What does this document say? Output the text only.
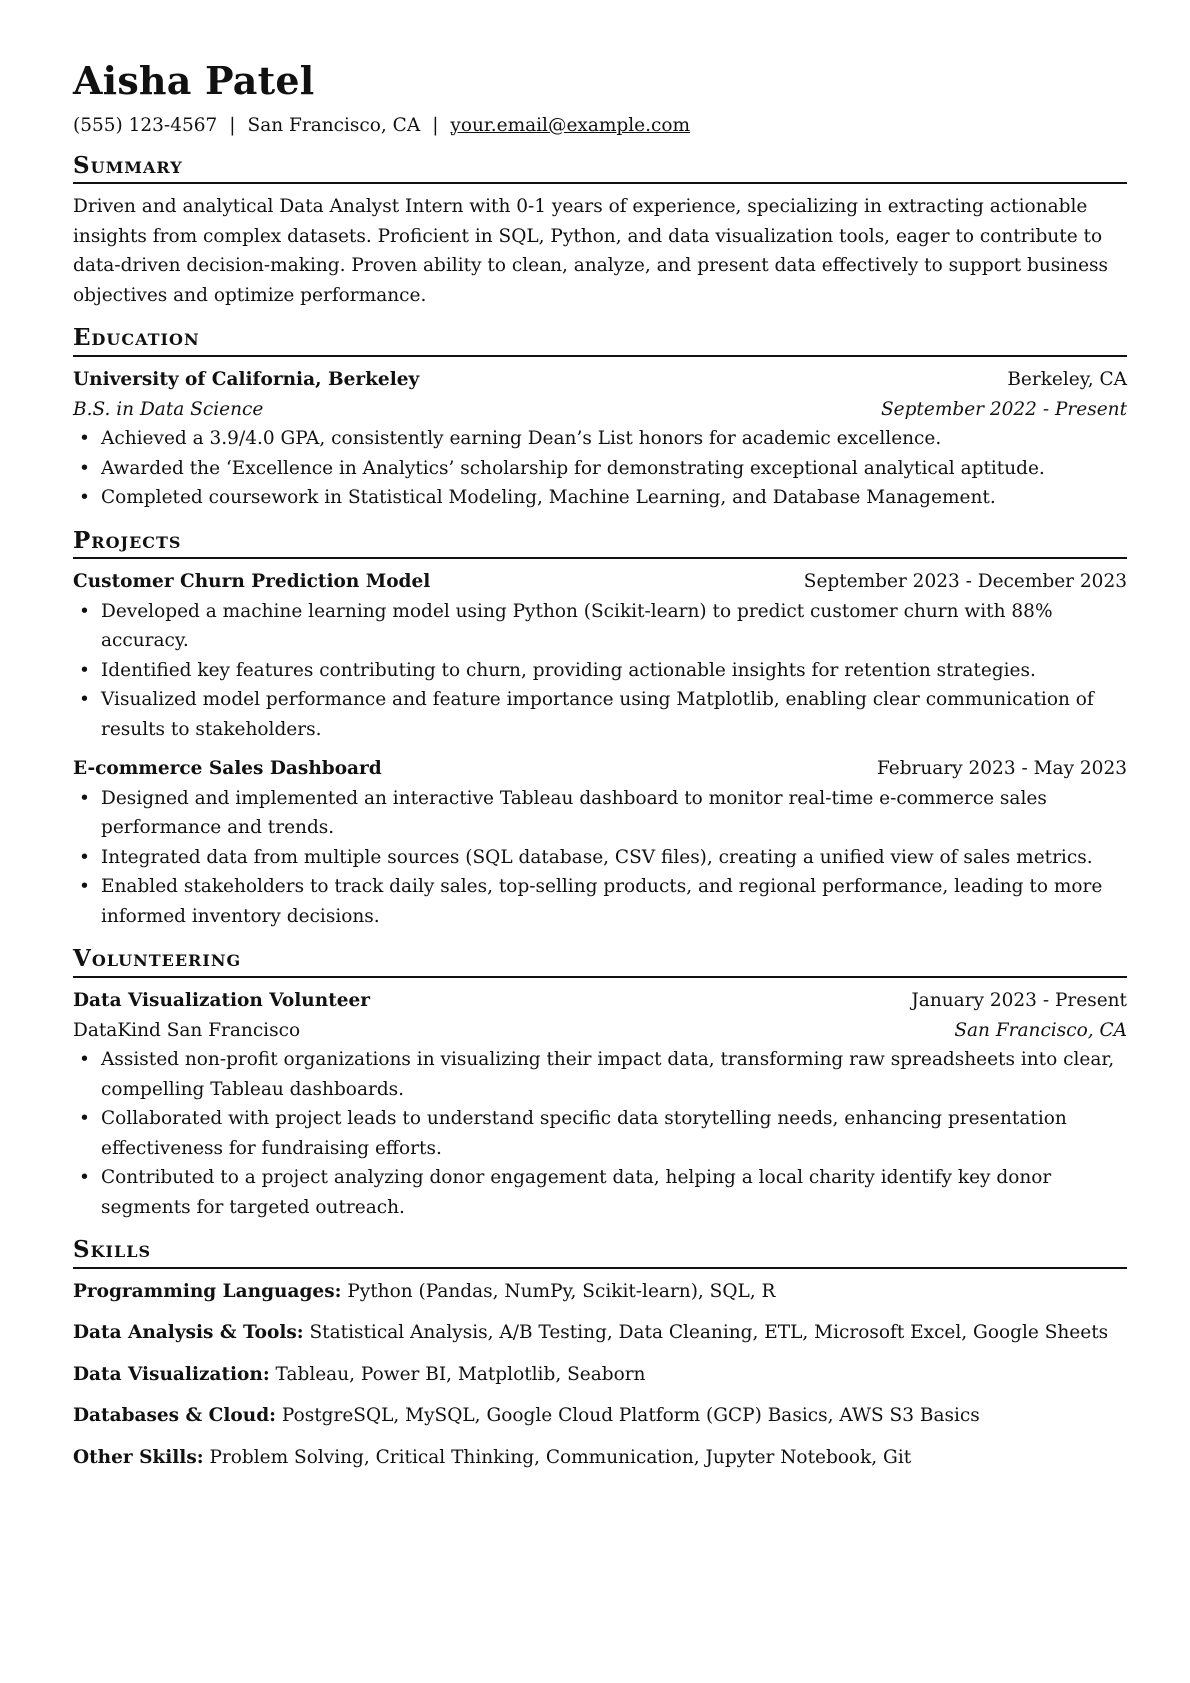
Aisha Patel
(555) 123-4567 | San Francisco, CA | your.email@example.com
Summary

Driven and analytical Data Analyst Intern with 0-1 years of experience, specializing in extracting actionable insights from complex datasets. Proficient in SQL, Python, and data visualization tools, eager to contribute to data-driven decision-making. Proven ability to clean, analyze, and present data effectively to support business objectives and optimize performance.

Education
University of California, Berkeley	Berkeley, CA
B.S. in Data Science	September 2022 - Present
• Achieved a 3.9/4.0 GPA, consistently earning Dean’s List honors for academic excellence.
• Awarded the ‘Excellence in Analytics’ scholarship for demonstrating exceptional analytical aptitude.
• Completed coursework in Statistical Modeling, Machine Learning, and Database Management.
Projects
Customer Churn Prediction Model	September 2023 - December 2023
• Developed a machine learning model using Python (Scikit-learn) to predict customer churn with 88% accuracy.
• Identified key features contributing to churn, providing actionable insights for retention strategies.
• Visualized model performance and feature importance using Matplotlib, enabling clear communication of results to stakeholders.
E-commerce Sales Dashboard	February 2023 - May 2023
• Designed and implemented an interactive Tableau dashboard to monitor real-time e-commerce sales performance and trends.
• Integrated data from multiple sources (SQL database, CSV files), creating a unified view of sales metrics.
• Enabled stakeholders to track daily sales, top-selling products, and regional performance, leading to more informed inventory decisions.
Volunteering
Data Visualization Volunteer	January 2023 - Present
DataKind San Francisco	San Francisco, CA
• Assisted non-profit organizations in visualizing their impact data, transforming raw spreadsheets into clear, compelling Tableau dashboards.
• Collaborated with project leads to understand specific data storytelling needs, enhancing presentation effectiveness for fundraising efforts.
• Contributed to a project analyzing donor engagement data, helping a local charity identify key donor segments for targeted outreach.
Skills
Programming Languages: Python (Pandas, NumPy, Scikit-learn), SQL, R
Data Analysis & Tools: Statistical Analysis, A/B Testing, Data Cleaning, ETL, Microsoft Excel, Google Sheets
Data Visualization: Tableau, Power BI, Matplotlib, Seaborn
Databases & Cloud: PostgreSQL, MySQL, Google Cloud Platform (GCP) Basics, AWS S3 Basics
Other Skills: Problem Solving, Critical Thinking, Communication, Jupyter Notebook, Git
